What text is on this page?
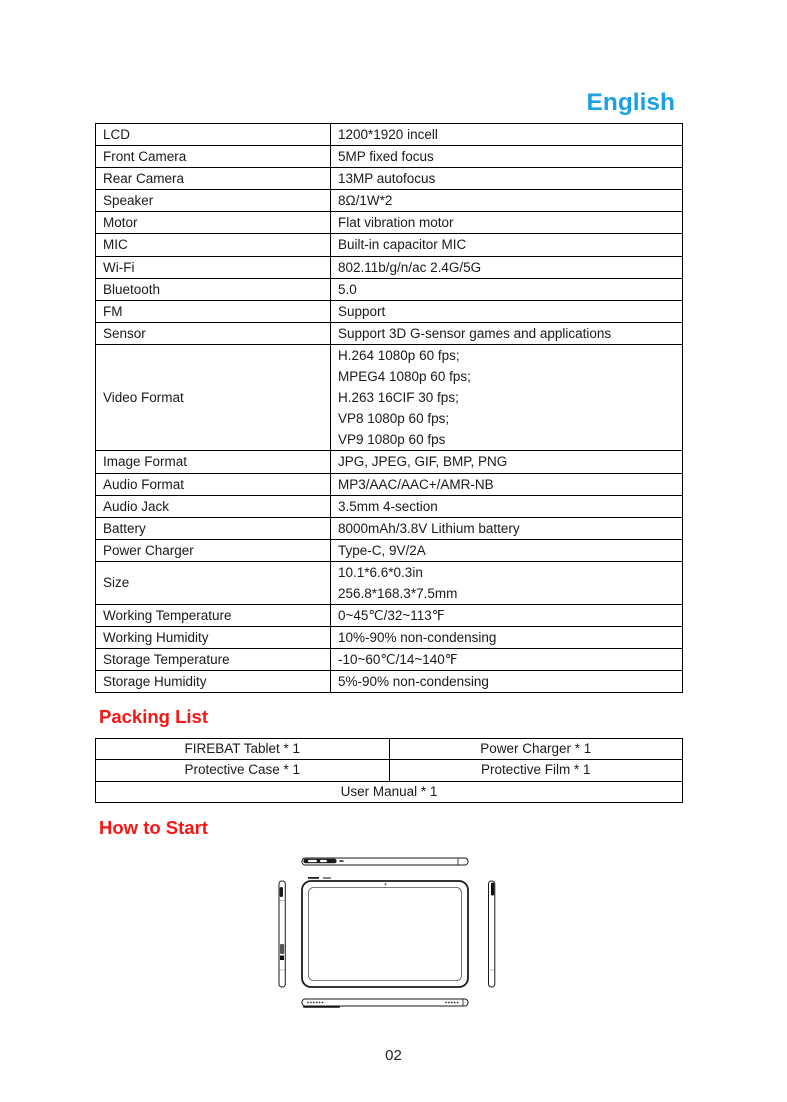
English
LCD	1200*1920 incell

Front Camera	5MP fixed focus

Rear Camera	13MP autofocus

Speaker	8Ω/1W*2

Motor	Flat vibration motor

MIC	Built-in capacitor MIC

Wi-Fi	802.11b/g/n/ac 2.4G/5G

Bluetooth	5.0

FM	Support

Sensor	Support 3D G-sensor games and applications

Video Format	H.264 1080p 60 fps;
MPEG4 1080p 60 fps;
H.263 16CIF 30 fps;
VP8 1080p 60 fps;
VP9 1080p 60 fps

Image Format	JPG, JPEG, GIF, BMP, PNG

Audio Format	MP3/AAC/AAC+/AMR-NB

Audio Jack	3.5mm 4-section

Battery	8000mAh/3.8V Lithium battery

Power Charger	Type-C, 9V/2A

Size	10.1*6.6*0.3in
256.8*168.3*7.5mm

Working Temperature	0~45℃/32~113℉

Working Humidity	10%-90% non-condensing

Storage Temperature	-10~60℃/14~140℉

Storage Humidity	5%-90% non-condensing
Packing List
FIREBAT Tablet * 1	Power Charger * 1
Protective Case * 1	Protective Film * 1
User Manual * 1	
How to Start
02
